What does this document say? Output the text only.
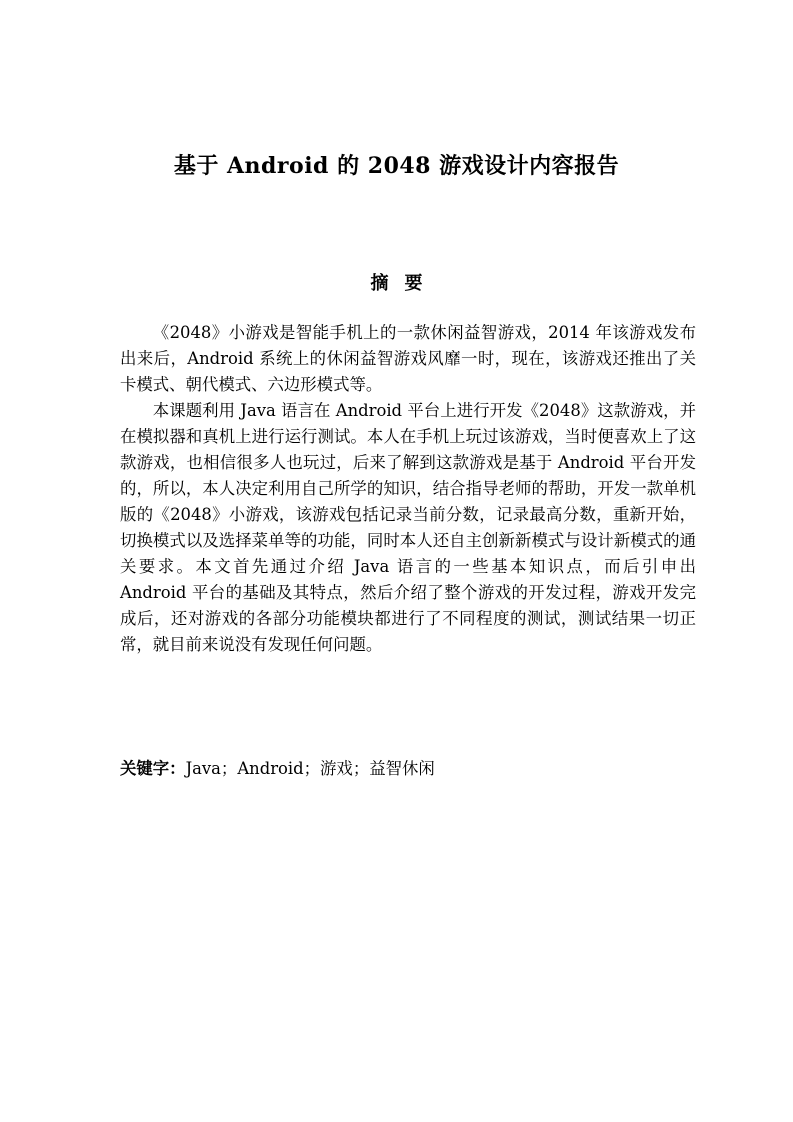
基于 Android 的 2048 游戏设计内容报告
摘要

《2048》小游戏是智能手机上的一款休闲益智游戏，2014 年该游戏发布出来后，Android 系统上的休闲益智游戏风靡一时，现在，该游戏还推出了关卡模式、朝代模式、六边形模式等。

本课题利用 Java 语言在 Android 平台上进行开发《2048》这款游戏，并在模拟器和真机上进行运行测试。本人在手机上玩过该游戏，当时便喜欢上了这款游戏，也相信很多人也玩过，后来了解到这款游戏是基于 Android 平台开发的，所以，本人决定利用自己所学的知识，结合指导老师的帮助，开发一款单机版的《2048》小游戏，该游戏包括记录当前分数，记录最高分数，重新开始，切换模式以及选择菜单等的功能，同时本人还自主创新新模式与设计新模式的通关要求。本文首先通过介绍 Java 语言的一些基本知识点，而后引申出 Android 平台的基础及其特点，然后介绍了整个游戏的开发过程，游戏开发完成后，还对游戏的各部分功能模块都进行了不同程度的测试，测试结果一切正常，就目前来说没有发现任何问题。

关键字：Java；Android；游戏；益智休闲
